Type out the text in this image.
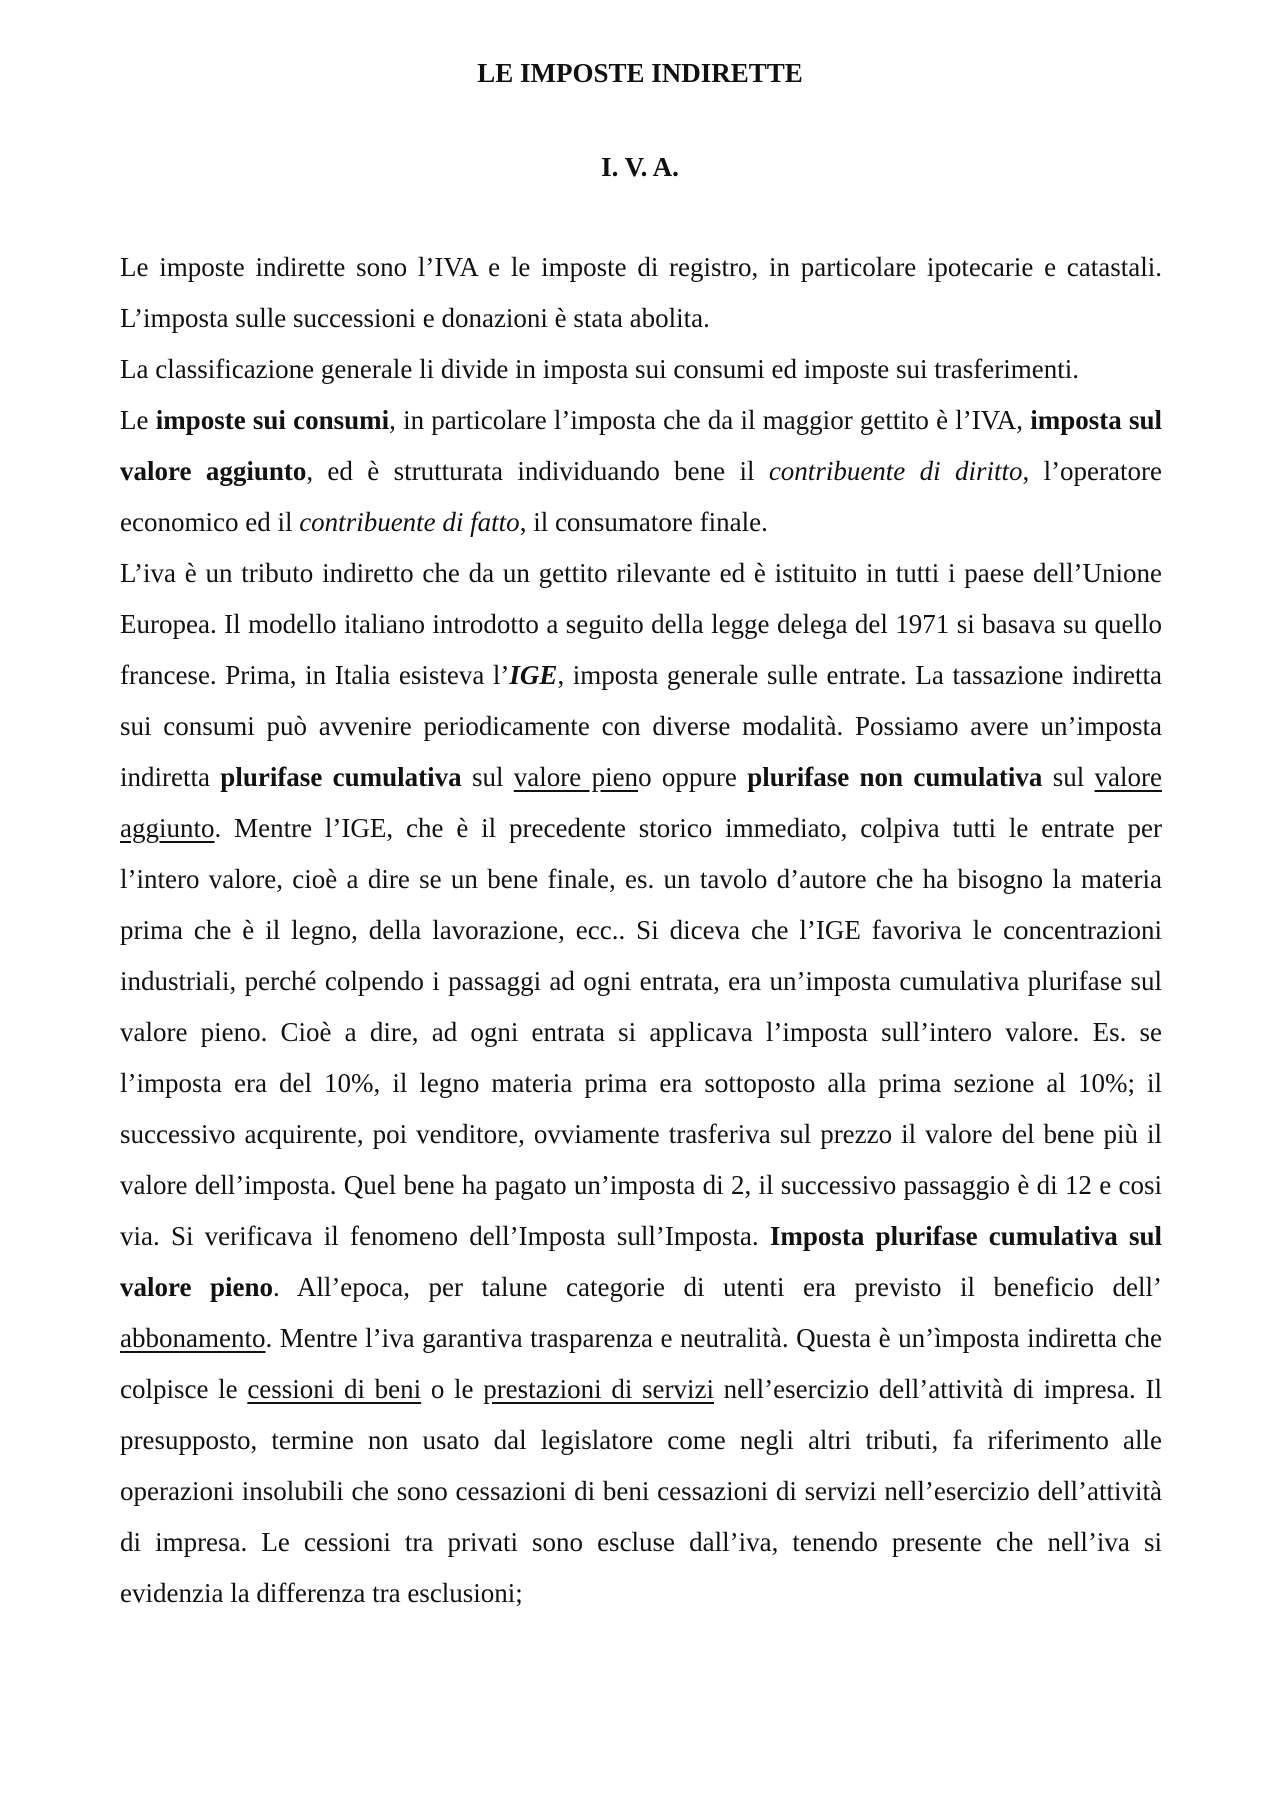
LE IMPOSTE INDIRETTE
I. V. A.

Le imposte indirette sono l’IVA e le imposte di registro, in particolare ipotecarie e catastali. L’imposta sulle successioni e donazioni è stata abolita.

La classificazione generale li divide in imposta sui consumi ed imposte sui trasferimenti.

Le imposte sui consumi, in particolare l’imposta che da il maggior gettito è l’IVA, imposta sul valore aggiunto, ed è strutturata individuando bene il contribuente di diritto, l’operatore economico ed il contribuente di fatto, il consumatore finale.

L’iva è un tributo indiretto che da un gettito rilevante ed è istituito in tutti i paese dell’Unione Europea. Il modello italiano introdotto a seguito della legge delega del 1971 si basava su quello francese. Prima, in Italia esisteva l’IGE, imposta generale sulle entrate. La tassazione indiretta sui consumi può avvenire periodicamente con diverse modalità. Possiamo avere un’imposta indiretta plurifase cumulativa sul valore pieno oppure plurifase non cumulativa sul valore aggiunto. Mentre l’IGE, che è il precedente storico immediato, colpiva tutti le entrate per l’intero valore, cioè a dire se un bene finale, es. un tavolo d’autore che ha bisogno la materia prima che è il legno, della lavorazione, ecc.. Si diceva che l’IGE favoriva le concentrazioni industriali, perché colpendo i passaggi ad ogni entrata, era un’imposta cumulativa plurifase sul valore pieno. Cioè a dire, ad ogni entrata si applicava l’imposta sull’intero valore. Es. se l’imposta era del 10%, il legno materia prima era sottoposto alla prima sezione al 10%; il successivo acquirente, poi venditore, ovviamente trasferiva sul prezzo il valore del bene più il valore dell’imposta. Quel bene ha pagato un’imposta di 2, il successivo passaggio è di 12 e cosi via. Si verificava il fenomeno dell’Imposta sull’Imposta. Imposta plurifase cumulativa sul valore pieno. All’epoca, per talune categorie di utenti era previsto il beneficio dell’ abbonamento. Mentre l’iva garantiva trasparenza e neutralità. Questa è un’ìmposta indiretta che colpisce le cessioni di beni o le prestazioni di servizi nell’esercizio dell’attività di impresa. Il presupposto, termine non usato dal legislatore come negli altri tributi, fa riferimento alle operazioni insolubili che sono cessazioni di beni cessazioni di servizi nell’esercizio dell’attività di impresa. Le cessioni tra privati sono escluse dall’iva, tenendo presente che nell’iva si evidenzia la differenza tra esclusioni;
